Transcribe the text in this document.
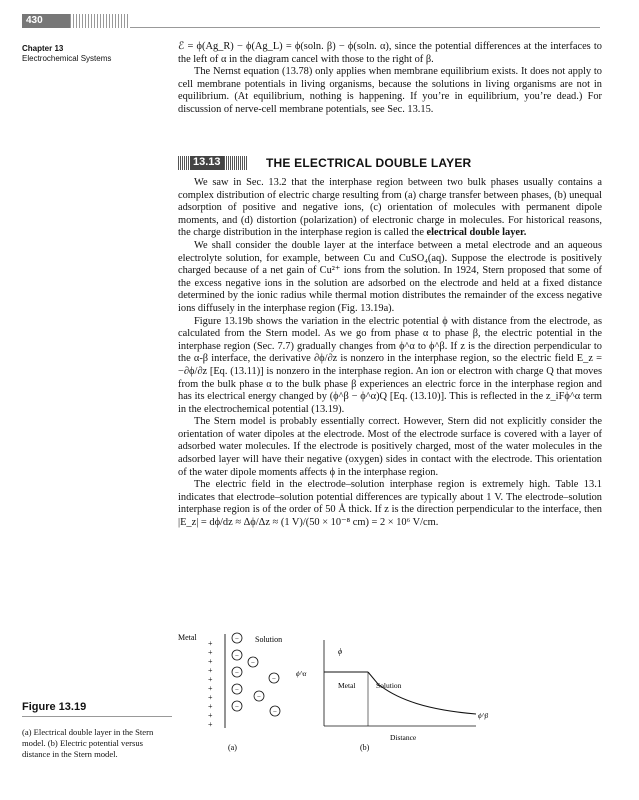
430
Chapter 13
Electrochemical Systems

ℰ = ϕ(Ag_R) − ϕ(Ag_L) = ϕ(soln. β) − ϕ(soln. α), since the potential differences at the interfaces to the left of α in the diagram cancel with those to the right of β.

The Nernst equation (13.78) only applies when membrane equilibrium exists. It does not apply to cell membrane potentials in living organisms, because the solutions in living organisms are not in equilibrium. (At equilibrium, nothing is happening. If you’re in equilibrium, you’re dead.) For discussion of nerve-cell membrane potentials, see Sec. 13.15.

13.13	THE ELECTRICAL DOUBLE LAYER

We saw in Sec. 13.2 that the interphase region between two bulk phases usually contains a complex distribution of electric charge resulting from (a) charge transfer between phases, (b) unequal adsorption of positive and negative ions, (c) orientation of molecules with permanent dipole moments, and (d) distortion (polarization) of electronic charge in molecules. For historical reasons, the charge distribution in the interphase region is called the electrical double layer.

We shall consider the double layer at the interface between a metal electrode and an aqueous electrolyte solution, for example, between Cu and CuSO₄(aq). Suppose the electrode is positively charged because of a net gain of Cu²⁺ ions from the solution. In 1924, Stern proposed that some of the excess negative ions in the solution are adsorbed on the electrode and held at a fixed distance determined by the ionic radius while thermal motion distributes the remainder of the excess negative ions diffusely in the interphase region (Fig. 13.19a).

Figure 13.19b shows the variation in the electric potential ϕ with distance from the electrode, as calculated from the Stern model. As we go from phase α to phase β, the electric potential in the interphase region (Sec. 7.7) gradually changes from ϕ^α to ϕ^β. If z is the direction perpendicular to the α-β interface, the derivative ∂ϕ/∂z is nonzero in the interphase region, so the electric field E_z = −∂ϕ/∂z [Eq. (13.11)] is nonzero in the interphase region. An ion or electron with charge Q that moves from the bulk phase α to the bulk phase β experiences an electric force in the interphase region and has its electrical energy changed by (ϕ^β − ϕ^α)Q [Eq. (13.10)]. This is reflected in the z_iFϕ^α term in the electrochemical potential (13.19).

The Stern model is probably essentially correct. However, Stern did not explicitly consider the orientation of water dipoles at the electrode. Most of the electrode surface is covered with a layer of adsorbed water molecules. If the electrode is positively charged, most of the water molecules in the adsorbed layer will have their negative (oxygen) sides in contact with the electrode. This orientation of the water dipole moments affects ϕ in the interphase region.

The electric field in the electrode–solution interphase region is extremely high. Table 13.1 indicates that electrode–solution potential differences are typically about 1 V. The electrode–solution interphase region is of the order of 50 Å thick. If z is the direction perpendicular to the interface, then |E_z| = dϕ/dz ≈ Δϕ/Δz ≈ (1 V)/(50 × 10⁻⁸ cm) = 2 × 10⁶ V/cm.

Figure 13.19
(a) Electrical double layer in the Stern model. (b) Electric potential versus distance in the Stern model.
Metal
+
+
+
+
+
+
+
+
+
+
Solution
−
−
−
−
−
−
−
−
−
(a)
ϕ
ϕ^α
Metal	Solution
ϕ^β
Distance
(b)
